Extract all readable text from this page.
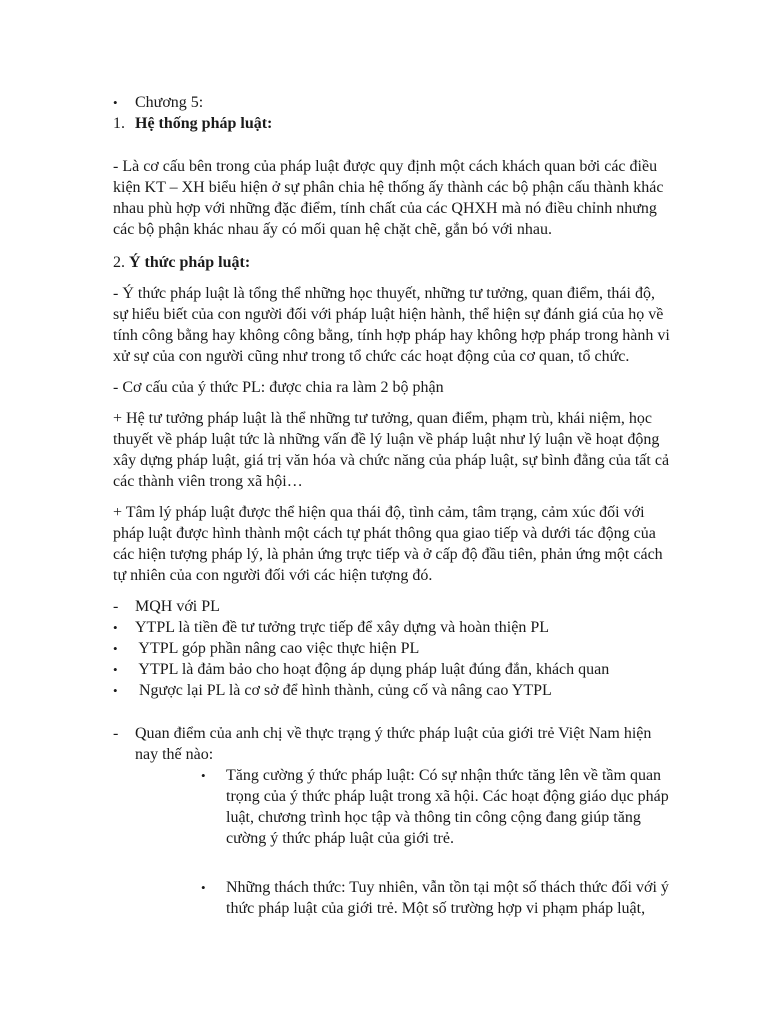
•	Chương 5:
1. Hệ thống pháp luật:

- Là cơ cấu bên trong của pháp luật được quy định một cách khách quan bởi các điều kiện KT – XH biểu hiện ở sự phân chia hệ thống ấy thành các bộ phận cấu thành khác nhau phù hợp với những đặc điểm, tính chất của các QHXH mà nó điều chỉnh nhưng các bộ phận khác nhau ấy có mối quan hệ chặt chẽ, gắn bó với nhau.

2. Ý thức pháp luật:

- Ý thức pháp luật là tổng thể những học thuyết, những tư tưởng, quan điểm, thái độ, sự hiểu biết của con người đối với pháp luật hiện hành, thể hiện sự đánh giá của họ về tính công bằng hay không công bằng, tính hợp pháp hay không hợp pháp trong hành vi xử sự của con người cũng như trong tổ chức các hoạt động của cơ quan, tổ chức.

- Cơ cấu của ý thức PL: được chia ra làm 2 bộ phận

+ Hệ tư tưởng pháp luật là thể những tư tưởng, quan điểm, phạm trù, khái niệm, học thuyết về pháp luật tức là những vấn đề lý luận về pháp luật như lý luận về hoạt động xây dựng pháp luật, giá trị văn hóa và chức năng của pháp luật, sự bình đẳng của tất cả các thành viên trong xã hội…

+ Tâm lý pháp luật được thể hiện qua thái độ, tình cảm, tâm trạng, cảm xúc đối với pháp luật được hình thành một cách tự phát thông qua giao tiếp và dưới tác động của các hiện tượng pháp lý, là phản ứng trực tiếp và ở cấp độ đầu tiên, phản ứng một cách tự nhiên của con người đối với các hiện tượng đó.

-	MQH với PL
•	YTPL là tiền đề tư tưởng trực tiếp để xây dựng và hoàn thiện PL
•	YTPL góp phần nâng cao việc thực hiện PL
•	YTPL là đảm bảo cho hoạt động áp dụng pháp luật đúng đắn, khách quan
•	Ngược lại PL là cơ sở để hình thành, củng cố và nâng cao YTPL
-	Quan điểm của anh chị về thực trạng ý thức pháp luật của giới trẻ Việt Nam hiện nay thế nào:
•	Tăng cường ý thức pháp luật: Có sự nhận thức tăng lên về tầm quan trọng của ý thức pháp luật trong xã hội. Các hoạt động giáo dục pháp luật, chương trình học tập và thông tin công cộng đang giúp tăng cường ý thức pháp luật của giới trẻ.
•	Những thách thức: Tuy nhiên, vẫn tồn tại một số thách thức đối với ý thức pháp luật của giới trẻ. Một số trường hợp vi phạm pháp luật,
